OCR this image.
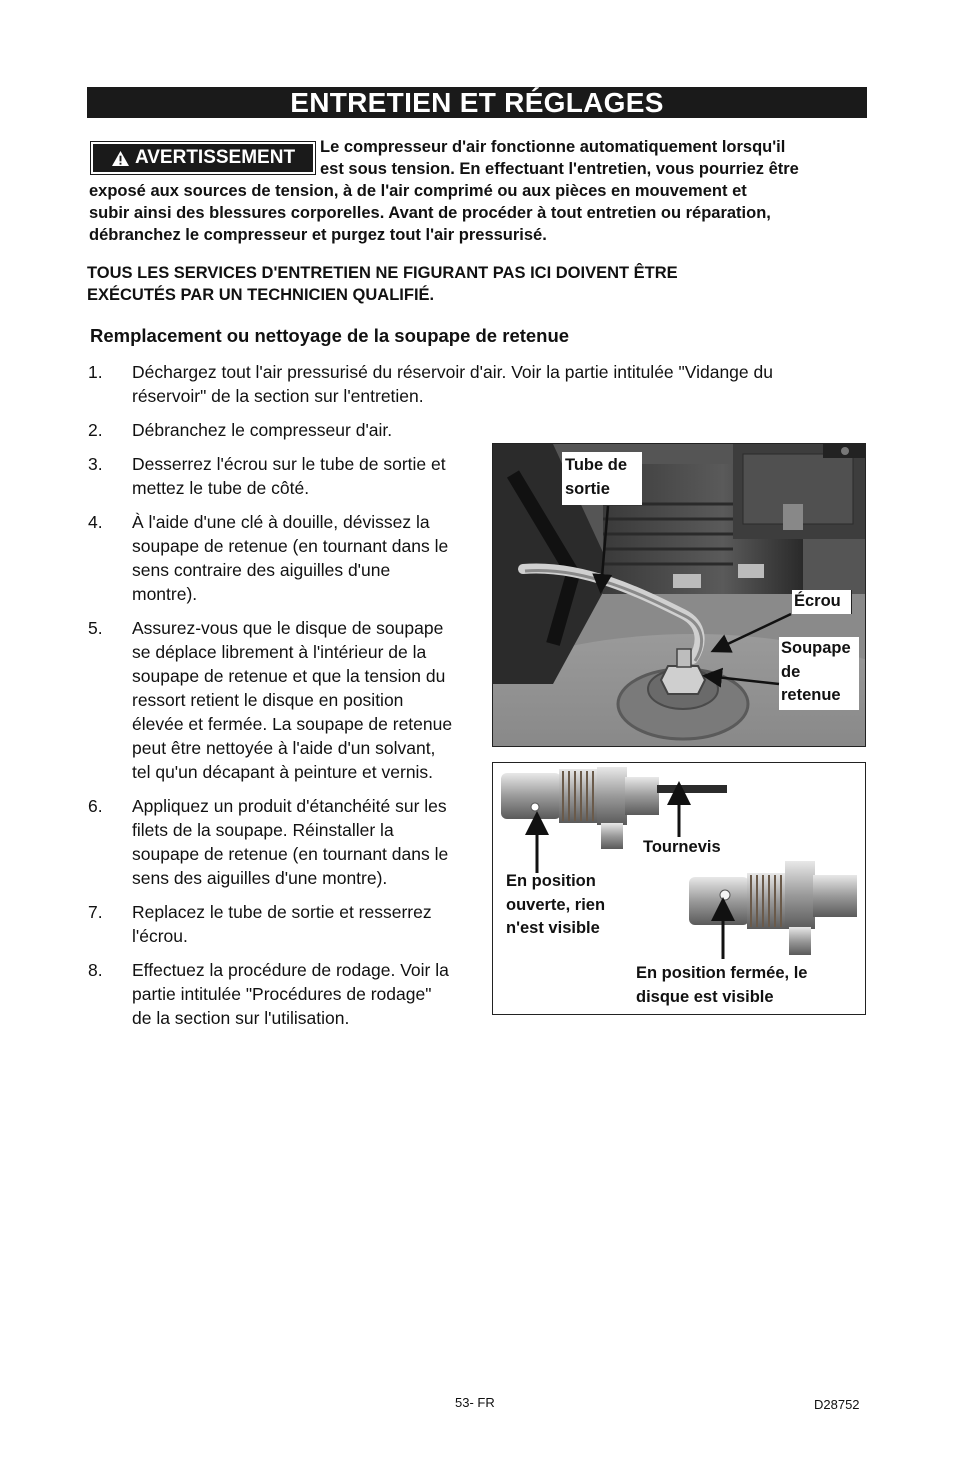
ENTRETIEN ET RÉGLAGES
AVERTISSEMENT Le compresseur d'air fonctionne automatiquement lorsqu'il
est sous tension. En effectuant l'entretien, vous pourriez être
exposé aux sources de tension, à de l'air comprimé ou aux pièces en mouvement et
subir ainsi des blessures corporelles. Avant de procéder à tout entretien ou réparation,
débranchez le compresseur et purgez tout l'air pressurisé.
TOUS LES SERVICES D'ENTRETIEN NE FIGURANT PAS ICI DOIVENT ÊTRE
EXÉCUTÉS PAR UN TECHNICIEN QUALIFIÉ.
Remplacement ou nettoyage de la soupape de retenue
1. Déchargez tout l'air pressurisé du réservoir d'air. Voir la partie intitulée "Vidange du
réservoir" de la section sur l'entretien.
2. Débranchez le compresseur d'air.
3. Desserrez l'écrou sur le tube de sortie et
mettez le tube de côté.
4. À l'aide d'une clé à douille, dévissez la
soupape de retenue (en tournant dans le
sens contraire des aiguilles d'une
montre).
5. Assurez-vous que le disque de soupape
se déplace librement à l'intérieur de la
soupape de retenue et que la tension du
ressort retient le disque en position
élevée et fermée. La soupape de retenue
peut être nettoyée à l'aide d'un solvant,
tel qu'un décapant à peinture et vernis.
6. Appliquez un produit d'étanchéité sur les
filets de la soupape. Réinstaller la
soupape de retenue (en tournant dans le
sens des aiguilles d'une montre).
7. Replacez le tube de sortie et resserrez
l'écrou.
8. Effectuez la procédure de rodage. Voir la
partie intitulée "Procédures de rodage"
de la section sur l'utilisation.
Tube de
sortie
Écrou
Soupape
de
retenue
Tournevis
En position
ouverte, rien
n'est visible
En position fermée, le
disque est visible
53- FR	D28752
